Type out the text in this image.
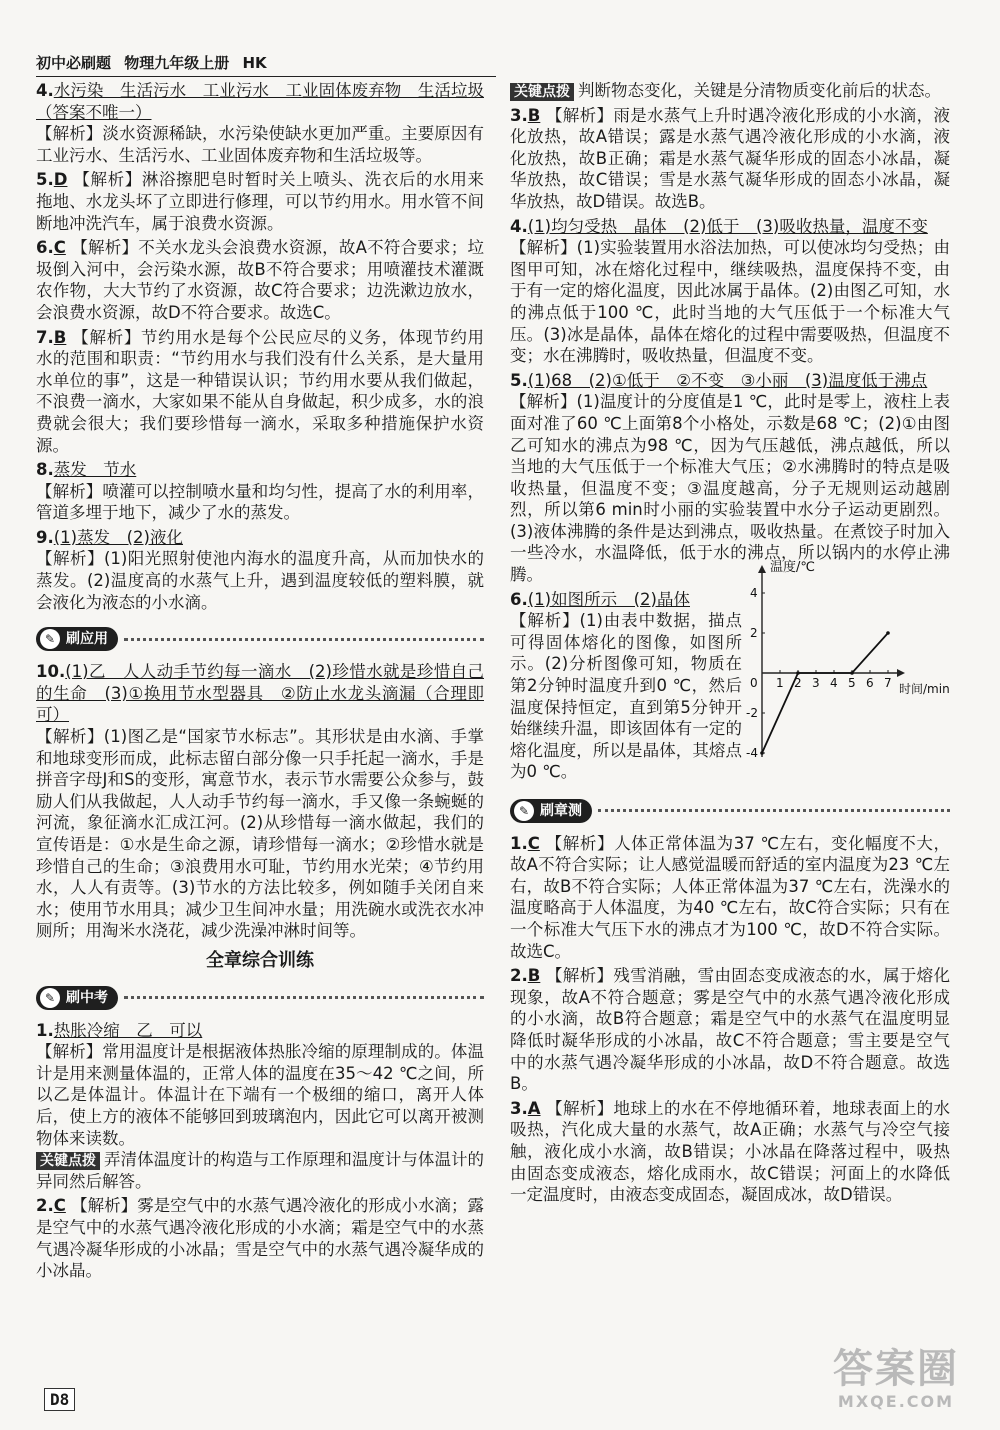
初中必刷题 物理九年级上册 HK

4.水污染　生活污水　工业污水　工业固体废弃物　生活垃圾（答案不唯一）

【解析】淡水资源稀缺，水污染使缺水更加严重。主要原因有工业污水、生活污水、工业固体废弃物和生活垃圾等。

5.D 【解析】淋浴擦肥皂时暂时关上喷头、洗衣后的水用来拖地、水龙头坏了立即进行修理，可以节约用水。用水管不间断地冲洗汽车，属于浪费水资源。

6.C 【解析】不关水龙头会浪费水资源，故A不符合要求；垃圾倒入河中，会污染水源，故B不符合要求；用喷灌技术灌溉农作物，大大节约了水资源，故C符合要求；边洗漱边放水，会浪费水资源，故D不符合要求。故选C。

7.B 【解析】节约用水是每个公民应尽的义务，体现节约用水的范围和职责：“节约用水与我们没有什么关系，是大量用水单位的事”，这是一种错误认识；节约用水要从我们做起，不浪费一滴水，大家如果不能从自身做起，积少成多，水的浪费就会很大；我们要珍惜每一滴水，采取多种措施保护水资源。

8.蒸发　节水

【解析】喷灌可以控制喷水量和均匀性，提高了水的利用率，管道多埋于地下，减少了水的蒸发。

9.(1)蒸发　(2)液化

【解析】(1)阳光照射使池内海水的温度升高，从而加快水的蒸发。(2)温度高的水蒸气上升，遇到温度较低的塑料膜，就会液化为液态的小水滴。

✎ 刷应用

10.(1)乙　人人动手节约每一滴水　(2)珍惜水就是珍惜自己的生命　(3)①换用节水型器具　②防止水龙头滴漏（合理即可）

【解析】(1)图乙是“国家节水标志”。其形状是由水滴、手掌和地球变形而成，此标志留白部分像一只手托起一滴水，手是拼音字母J和S的变形，寓意节水，表示节水需要公众参与，鼓励人们从我做起，人人动手节约每一滴水，手又像一条蜿蜒的河流，象征滴水汇成江河。(2)从珍惜每一滴水做起，我们的宣传语是：①水是生命之源，请珍惜每一滴水；②珍惜水就是珍惜自己的生命；③浪费用水可耻，节约用水光荣；④节约用水，人人有责等。(3)节水的方法比较多，例如随手关闭自来水；使用节水用具；减少卫生间冲水量；用洗碗水或洗衣水冲厕所；用淘米水浇花，减少洗澡冲淋时间等。

全章综合训练
✎ 刷中考

1.热胀冷缩　乙　可以

【解析】常用温度计是根据液体热胀冷缩的原理制成的。体温计是用来测量体温的，正常人体的温度在35～42 ℃之间，所以乙是体温计。体温计在下端有一个极细的缩口，离开人体后，使上方的液体不能够回到玻璃泡内，因此它可以离开被测物体来读数。

关键点拨 弄清体温度计的构造与工作原理和温度计与体温计的异同然后解答。

2.C 【解析】雾是空气中的水蒸气遇冷液化的形成小水滴；露是空气中的水蒸气遇冷液化形成的小水滴；霜是空气中的水蒸气遇冷凝华形成的小冰晶；雪是空气中的水蒸气遇冷凝华成的小冰晶。

关键点拨 判断物态变化，关键是分清物质变化前后的状态。

3.B 【解析】雨是水蒸气上升时遇冷液化形成的小水滴，液化放热，故A错误；露是水蒸气遇冷液化形成的小水滴，液化放热，故B正确；霜是水蒸气凝华形成的固态小冰晶，凝华放热，故C错误；雪是水蒸气凝华形成的固态小冰晶，凝华放热，故D错误。故选B。

4.(1)均匀受热　晶体　(2)低于　(3)吸收热量，温度不变

【解析】(1)实验装置用水浴法加热，可以使冰均匀受热；由图甲可知，冰在熔化过程中，继续吸热，温度保持不变，由于有一定的熔化温度，因此冰属于晶体。(2)由图乙可知，水的沸点低于100 ℃，此时当地的大气压低于一个标准大气压。(3)冰是晶体，晶体在熔化的过程中需要吸热，但温度不变；水在沸腾时，吸收热量，但温度不变。

5.(1)68　(2)①低于　②不变　③小丽　(3)温度低于沸点

【解析】(1)温度计的分度值是1 ℃，此时是零上，液柱上表面对准了60 ℃上面第8个小格处，示数是68 ℃；(2)①由图乙可知水的沸点为98 ℃，因为气压越低，沸点越低，所以当地的大气压低于一个标准大气压；②水沸腾时的特点是吸收热量，但温度不变；③温度越高，分子无规则运动越剧烈，所以第6 min时小丽的实验装置中水分子运动更剧烈。(3)液体沸腾的条件是达到沸点，吸收热量。在煮饺子时加入一些冷水，水温降低，低于水的沸点，所以锅内的水停止沸腾。

6.(1)如图所示　(2)晶体

【解析】(1)由表中数据，描点可得固体熔化的图像，如图所示。(2)分析图像可知，物质在第2分钟时温度升到0 ℃，然后温度保持恒定，直到第5分钟开始继续升温，即该固体有一定的熔化温度，所以是晶体，其熔点为0 ℃。

温度/℃
时间/min
0 1 2 3 4 5 6 7
-4
-2
2
4
✎ 刷章测

1.C 【解析】人体正常体温为37 ℃左右，变化幅度不大，故A不符合实际；让人感觉温暖而舒适的室内温度为23 ℃左右，故B不符合实际；人体正常体温为37 ℃左右，洗澡水的温度略高于人体温度，为40 ℃左右，故C符合实际；只有在一个标准大气压下水的沸点才为100 ℃，故D不符合实际。故选C。

2.B 【解析】残雪消融，雪由固态变成液态的水，属于熔化现象，故A不符合题意；雾是空气中的水蒸气遇冷液化形成的小水滴，故B符合题意；霜是空气中的水蒸气在温度明显降低时凝华形成的小冰晶，故C不符合题意；雪主要是空气中的水蒸气遇冷凝华形成的小冰晶，故D不符合题意。故选B。

3.A 【解析】地球上的水在不停地循环着，地球表面上的水吸热，汽化成大量的水蒸气，故A正确；水蒸气与冷空气接触，液化成小水滴，故B错误；小冰晶在降落过程中，吸热由固态变成液态，熔化成雨水，故C错误；河面上的水降低一定温度时，由液态变成固态，凝固成冰，故D错误。

D8
答案圈
MXQE.COM
